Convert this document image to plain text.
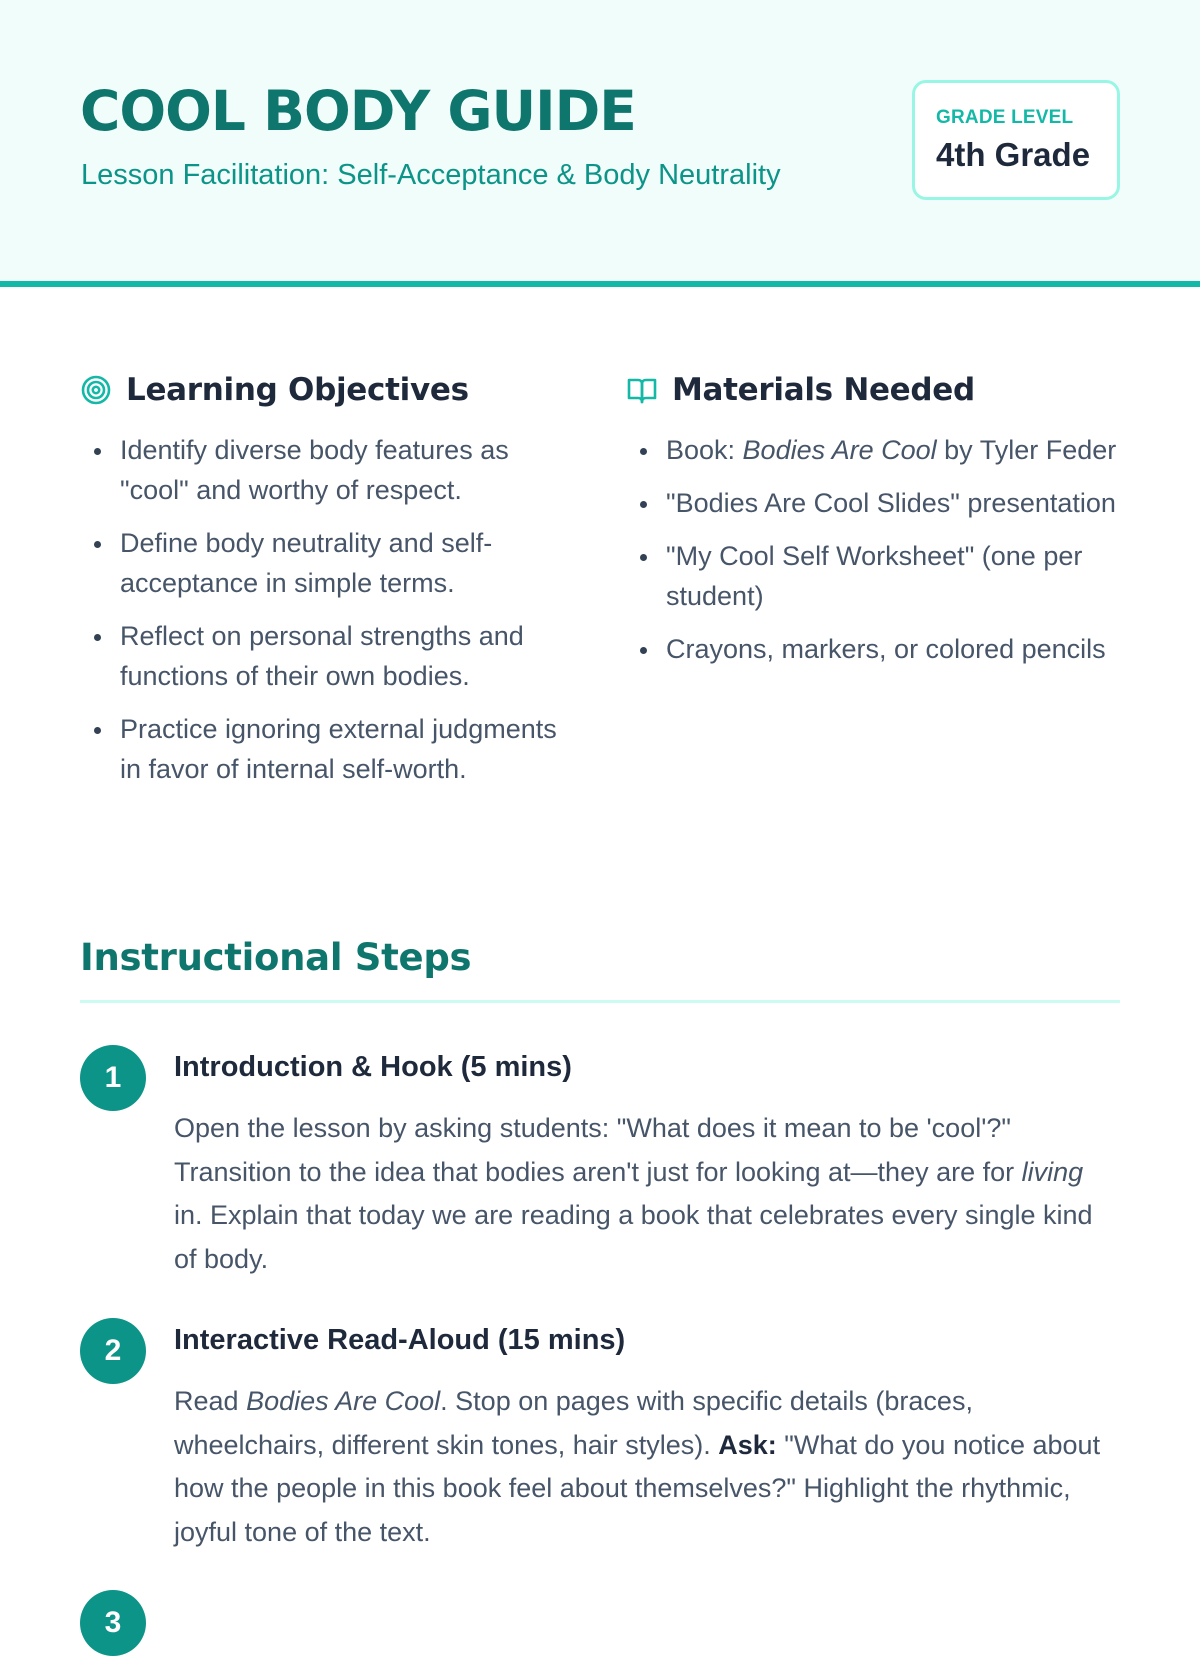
COOL BODY GUIDE
Lesson Facilitation: Self-Acceptance & Body Neutrality
GRADE LEVEL
4th Grade
Learning Objectives
Identify diverse body features as "cool" and worthy of respect.
Define body neutrality and self-acceptance in simple terms.
Reflect on personal strengths and functions of their own bodies.
Practice ignoring external judgments in favor of internal self-worth.
Materials Needed
Book: Bodies Are Cool by Tyler Feder
"Bodies Are Cool Slides" presentation
"My Cool Self Worksheet" (one per student)
Crayons, markers, or colored pencils
Instructional Steps
1	Introduction & Hook (5 mins)

Open the lesson by asking students: "What does it mean to be 'cool'?" Transition to the idea that bodies aren't just for looking at—they are for living in. Explain that today we are reading a book that celebrates every single kind of body.

2	Interactive Read-Aloud (15 mins)

Read Bodies Are Cool. Stop on pages with specific details (braces, wheelchairs, different skin tones, hair styles). Ask: "What do you notice about how the people in this book feel about themselves?" Highlight the rhythmic, joyful tone of the text.

3
